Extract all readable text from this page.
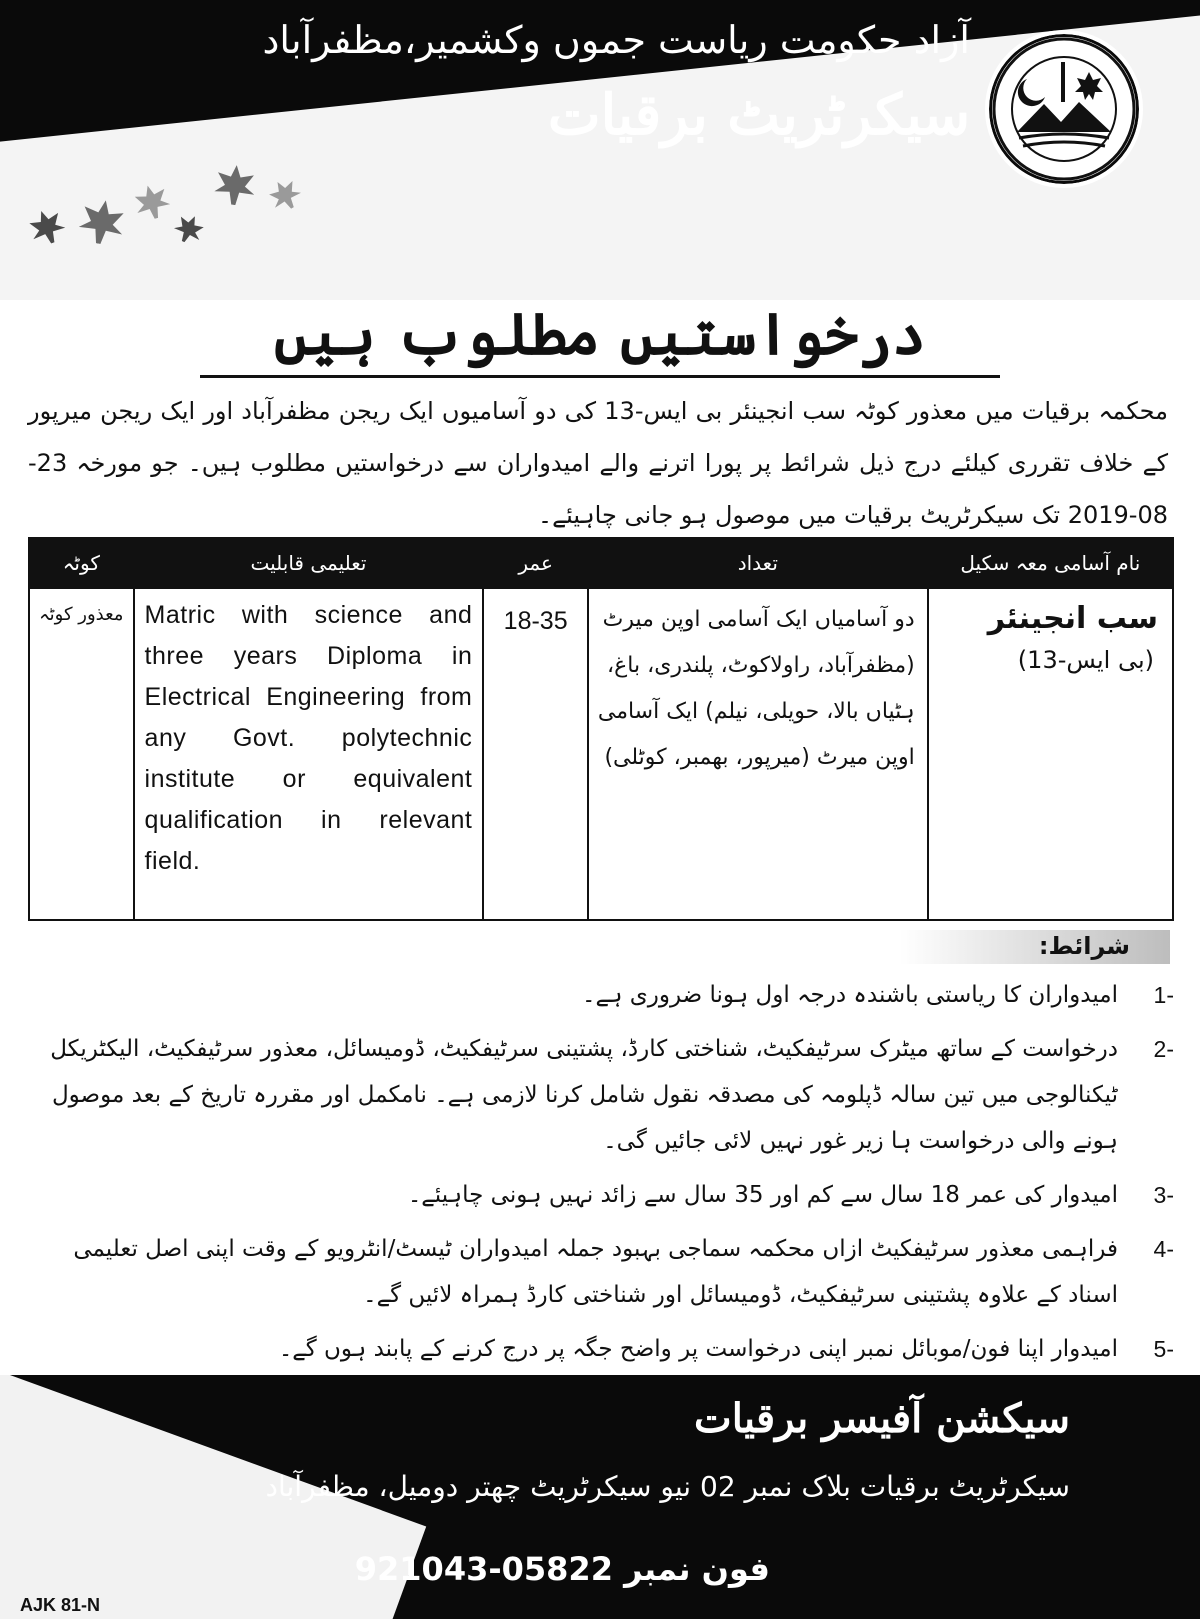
آزاد حکومت ریاست جموں وکشمیر،مظفرآباد
سیکرٹریٹ برقیات
درخواستیں مطلوب ہیں
محکمہ برقیات میں معذور کوٹہ سب انجینئر بی ایس-13 کی دو آسامیوں ایک ریجن مظفرآباد اور ایک ریجن میرپور کے خلاف تقرری کیلئے درج ذیل شرائط پر پورا اترنے والے امیدواران سے درخواستیں مطلوب ہیں۔ جو مورخہ 23-08-2019 تک سیکرٹریٹ برقیات میں موصول ہو جانی چاہیئے۔
کوٹہ	تعلیمی قابلیت	عمر	تعداد	نام آسامی معہ سکیل

معذور کوٹہ	Matric with science and three years Diploma in Electrical Engineering from any Govt. polytechnic institute or equivalent qualification in relevant field.	18-35	دو آسامیاں ایک آسامی اوپن میرٹ (مظفرآباد، راولاکوٹ، پلندری، باغ، ہٹیاں بالا، حویلی، نیلم) ایک آسامی اوپن میرٹ (میرپور، بھمبر، کوٹلی)	سب انجینئر
(بی ایس-13)
شرائط:
1-
امیدواران کا ریاستی باشندہ درجہ اول ہونا ضروری ہے۔
2-
درخواست کے ساتھ میٹرک سرٹیفکیٹ، شناختی کارڈ، پشتینی سرٹیفکیٹ، ڈومیسائل، معذور سرٹیفکیٹ، الیکٹریکل ٹیکنالوجی میں تین سالہ ڈپلومہ کی مصدقہ نقول شامل کرنا لازمی ہے۔ نامکمل اور مقررہ تاریخ کے بعد موصول ہونے والی درخواست ہا زیر غور نہیں لائی جائیں گی۔
3-
امیدوار کی عمر 18 سال سے کم اور 35 سال سے زائد نہیں ہونی چاہیئے۔
4-
فراہمی معذور سرٹیفکیٹ ازاں محکمہ سماجی بہبود جملہ امیدواران ٹیسٹ/انٹرویو کے وقت اپنی اصل تعلیمی اسناد کے علاوہ پشتینی سرٹیفکیٹ، ڈومیسائل اور شناختی کارڈ ہمراہ لائیں گے۔
5-
امیدوار اپنا فون/موبائل نمبر اپنی درخواست پر واضح جگہ پر درج کرنے کے پابند ہوں گے۔
سیکشن آفیسر برقیات
سیکرٹریٹ برقیات بلاک نمبر 02 نیو سیکرٹریٹ چھتر دومیل، مظفرآباد
فون نمبر 05822-921043
AJK 81-N
